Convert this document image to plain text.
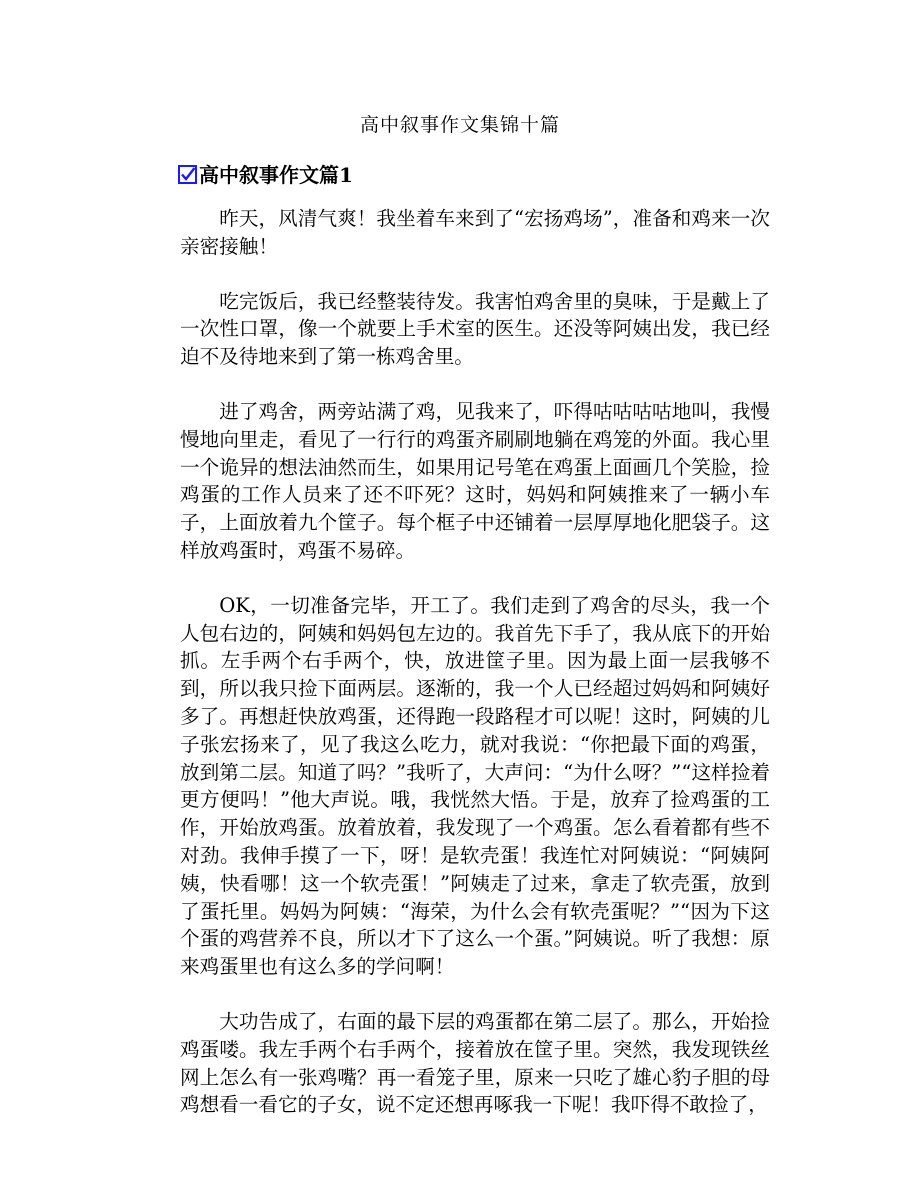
高中叙事作文集锦十篇
高中叙事作文篇1

昨天，风清气爽！我坐着车来到了“宏扬鸡场”，准备和鸡来一次亲密接触！

吃完饭后，我已经整装待发。我害怕鸡舍里的臭味，于是戴上了一次性口罩，像一个就要上手术室的医生。还没等阿姨出发，我已经迫不及待地来到了第一栋鸡舍里。

进了鸡舍，两旁站满了鸡，见我来了，吓得咕咕咕咕地叫，我慢慢地向里走，看见了一行行的鸡蛋齐刷刷地躺在鸡笼的外面。我心里一个诡异的想法油然而生，如果用记号笔在鸡蛋上面画几个笑脸，捡鸡蛋的工作人员来了还不吓死？这时，妈妈和阿姨推来了一辆小车子，上面放着九个筐子。每个框子中还铺着一层厚厚地化肥袋子。这样放鸡蛋时，鸡蛋不易碎。

OK，一切准备完毕，开工了。我们走到了鸡舍的尽头，我一个人包右边的，阿姨和妈妈包左边的。我首先下手了，我从底下的开始抓。左手两个右手两个，快，放进筐子里。因为最上面一层我够不到，所以我只捡下面两层。逐渐的，我一个人已经超过妈妈和阿姨好多了。再想赶快放鸡蛋，还得跑一段路程才可以呢！这时，阿姨的儿子张宏扬来了，见了我这么吃力，就对我说：“你把最下面的鸡蛋，放到第二层。知道了吗？”我听了，大声问：“为什么呀？”“这样捡着更方便吗！”他大声说。哦，我恍然大悟。于是，放弃了捡鸡蛋的工作，开始放鸡蛋。放着放着，我发现了一个鸡蛋。怎么看着都有些不对劲。我伸手摸了一下，呀！是软壳蛋！我连忙对阿姨说：“阿姨阿姨，快看哪！这一个软壳蛋！”阿姨走了过来，拿走了软壳蛋，放到了蛋托里。妈妈为阿姨：“海荣，为什么会有软壳蛋呢？”“因为下这个蛋的鸡营养不良，所以才下了这么一个蛋。”阿姨说。听了我想：原来鸡蛋里也有这么多的学问啊！

大功告成了，右面的最下层的鸡蛋都在第二层了。那么，开始捡鸡蛋喽。我左手两个右手两个，接着放在筐子里。突然，我发现铁丝网上怎么有一张鸡嘴？再一看笼子里，原来一只吃了雄心豹子胆的母鸡想看一看它的子女，说不定还想再啄我一下呢！我吓得不敢捡了，
